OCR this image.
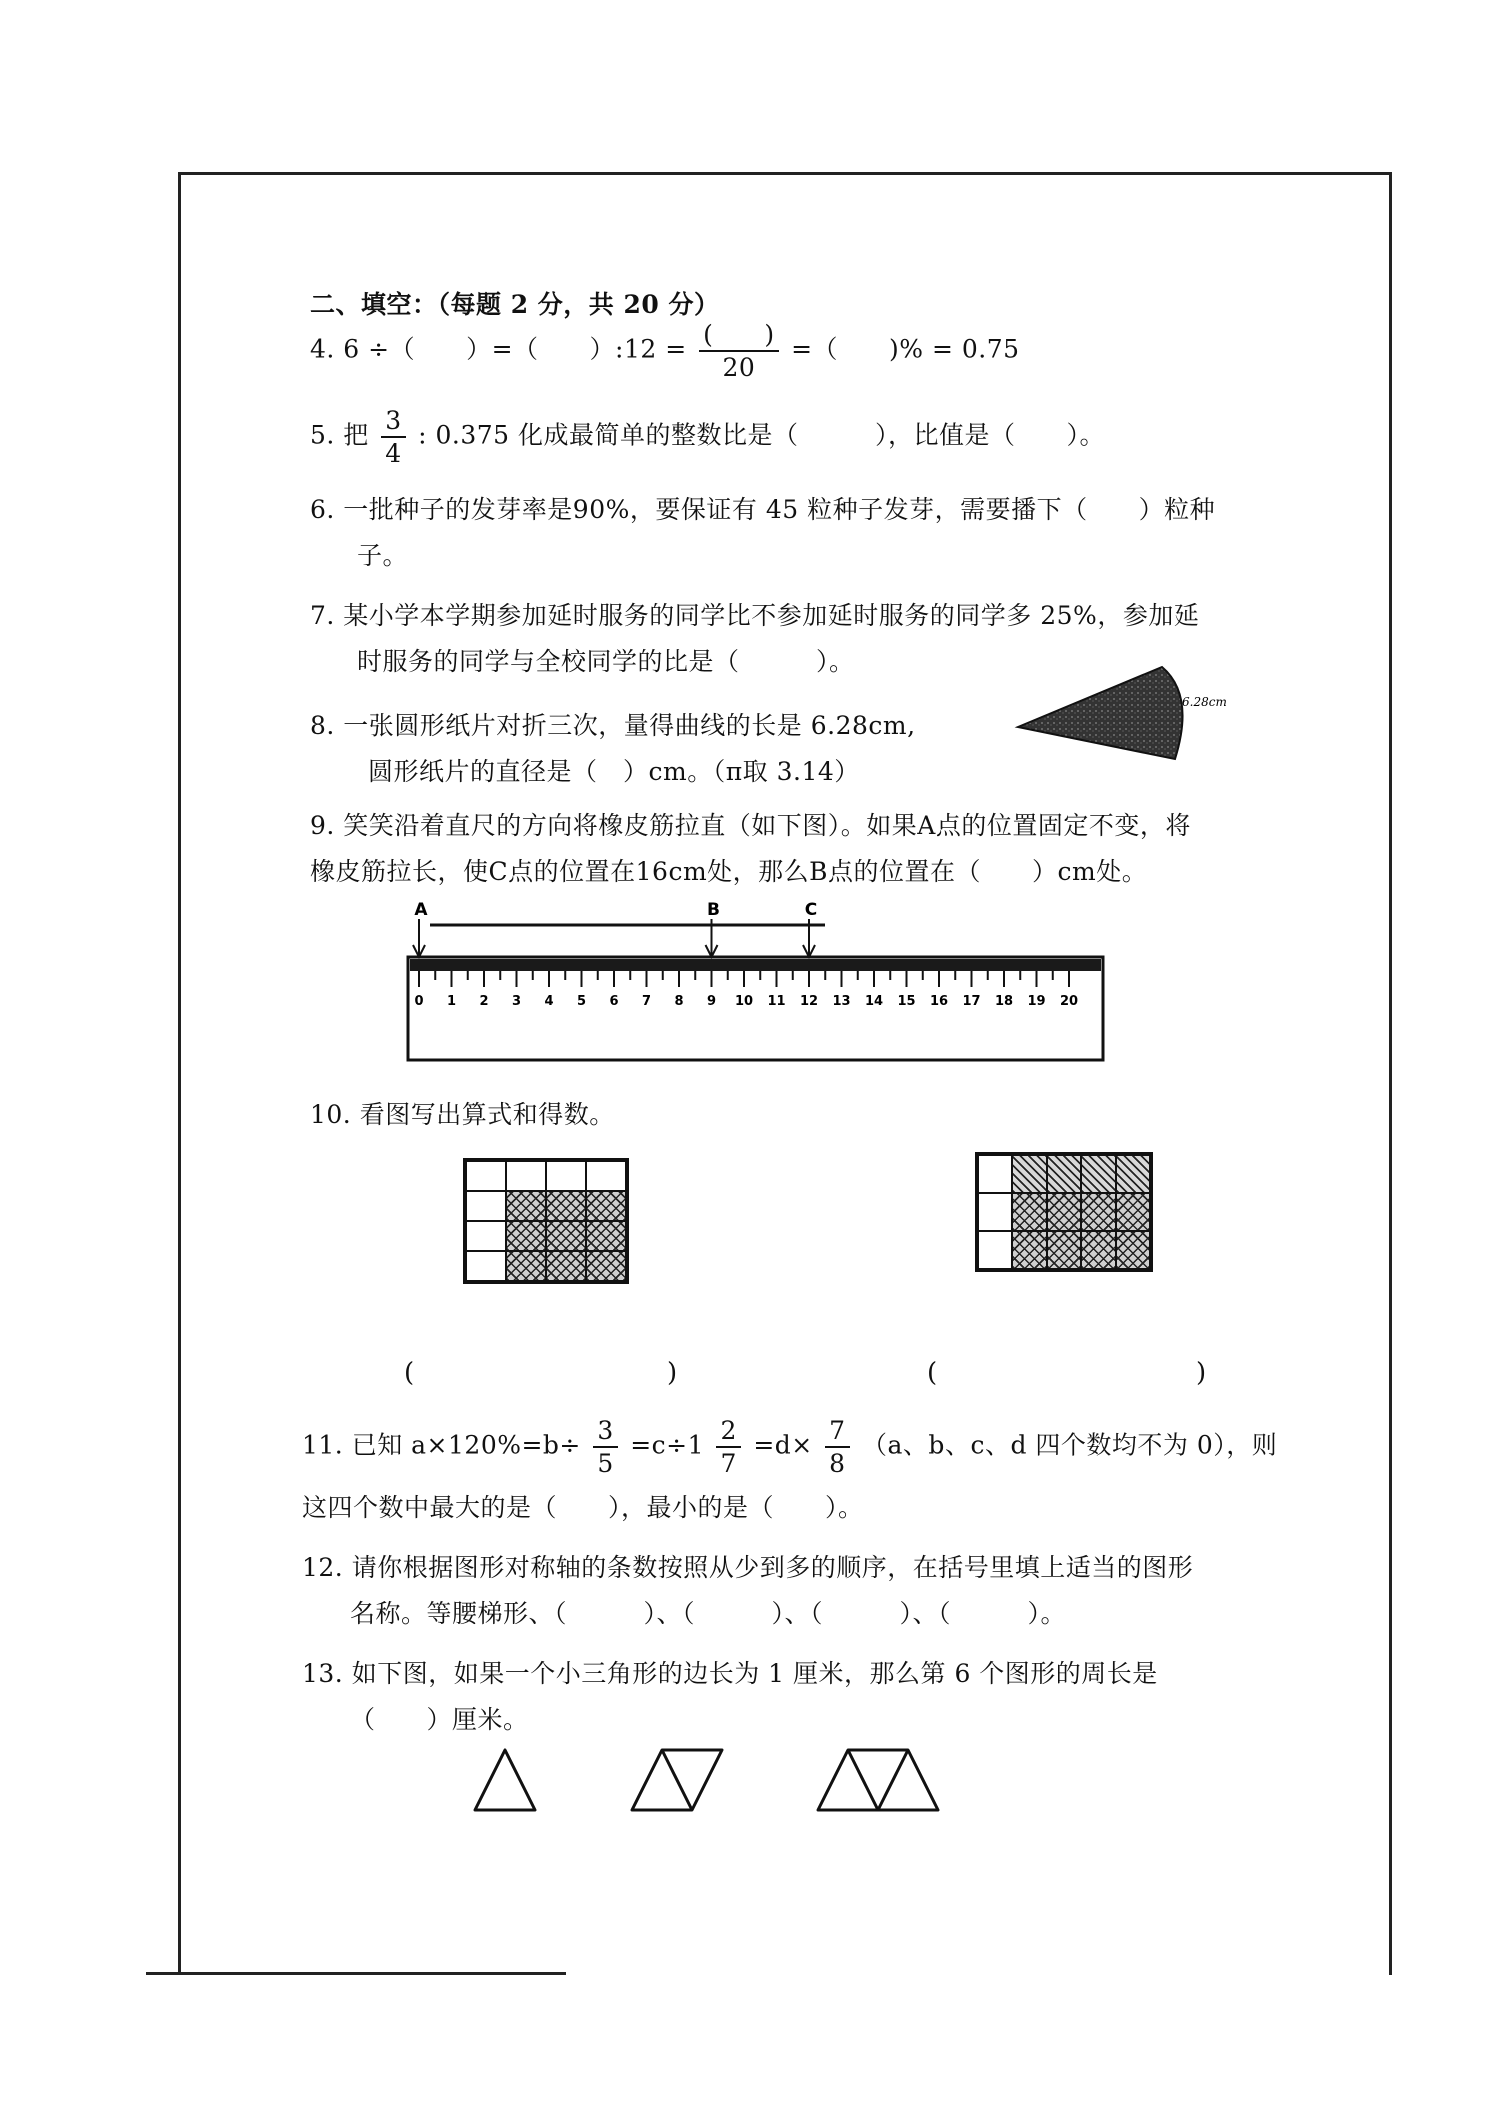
二、填空：（每题 2 分，共 20 分）
4. 6 ÷（　　）=（　　）:12 = $\frac{( )}{20}$ =（　　)% = 0.75
5. 把 $\frac{3}{4}$ : 0.375 化成最简单的整数比是（　　　），比值是（　　）。
6. 一批种子的发芽率是90%，要保证有 45 粒种子发芽，需要播下（　　）粒种
子。
7. 某小学本学期参加延时服务的同学比不参加延时服务的同学多 25%，参加延
时服务的同学与全校同学的比是（　　　）。
8. 一张圆形纸片对折三次，量得曲线的长是 6.28cm,
圆形纸片的直径是（　）cm。（π取 3.14）
6.28cm
9. 笑笑沿着直尺的方向将橡皮筋拉直（如下图）。如果A点的位置固定不变，将
橡皮筋拉长，使C点的位置在16cm处，那么B点的位置在（　　）cm处。
0 1 2 3 4 5 6 7 8 9 10 11 12 13 14 15 16 17 18 19 20
A	B	C
10. 看图写出算式和得数。
(	)	(	)
11. 已知 $a\times 120\%=b\div \frac{3}{5} =c\div 1 \frac{2}{7} =d\times \frac{7}{8} (a$、b、c、d 四个数均不为 0），则
这四个数中最大的是（　　），最小的是（　　）。
12. 请你根据图形对称轴的条数按照从少到多的顺序，在括号里填上适当的图形
名称。等腰梯形、（　　　）、（　　　）、（　　　）、（　　　）。
13. 如下图，如果一个小三角形的边长为 1 厘米，那么第 6 个图形的周长是
（　　）厘米。
